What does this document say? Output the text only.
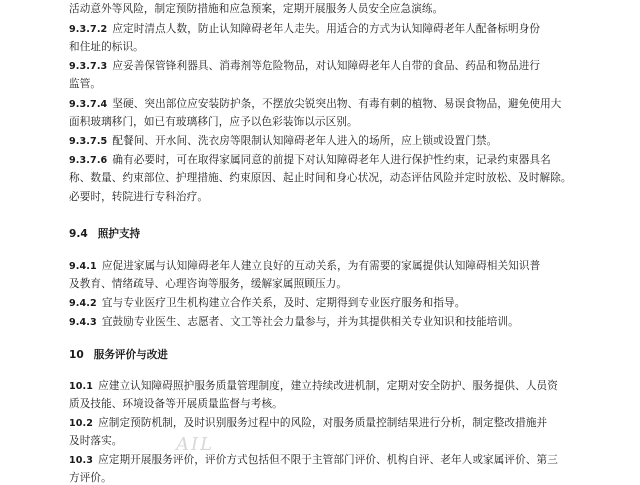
活动意外等风险，制定预防措施和应急预案，定期开展服务人员安全应急演练。
9.3.7.2 应定时清点人数，防止认知障碍老年人走失。用适合的方式为认知障碍老年人配备标明身份
和住址的标识。
9.3.7.3 应妥善保管锋利器具、消毒剂等危险物品，对认知障碍老年人自带的食品、药品和物品进行
监管。
9.3.7.4 坚硬、突出部位应安装防护条，不摆放尖锐突出物、有毒有刺的植物、易误食物品，避免使用大
面积玻璃移门，如已有玻璃移门，应予以色彩装饰以示区别。
9.3.7.5 配餐间、开水间、洗衣房等限制认知障碍老年人进入的场所，应上锁或设置门禁。
9.3.7.6 确有必要时，可在取得家属同意的前提下对认知障碍老年人进行保护性约束，记录约束器具名
称、数量、约束部位、护理措施、约束原因、起止时间和身心状况，动态评估风险并定时放松、及时解除。
必要时，转院进行专科治疗。
9.4 照护支持
9.4.1 应促进家属与认知障碍老年人建立良好的互动关系，为有需要的家属提供认知障碍相关知识普
及教育、情绪疏导、心理咨询等服务，缓解家属照顾压力。
9.4.2 宜与专业医疗卫生机构建立合作关系，及时、定期得到专业医疗服务和指导。
9.4.3 宜鼓励专业医生、志愿者、文工等社会力量参与，并为其提供相关专业知识和技能培训。
10 服务评价与改进
10.1 应建立认知障碍照护服务质量管理制度，建立持续改进机制，定期对安全防护、服务提供、人员资
质及技能、环境设备等开展质量监督与考核。
10.2 应制定预防机制，及时识别服务过程中的风险，对服务质量控制结果进行分析，制定整改措施并
及时落实。
10.3 应定期开展服务评价，评价方式包括但不限于主管部门评价、机构自评、老年人或家属评价、第三
方评价。
AIL
